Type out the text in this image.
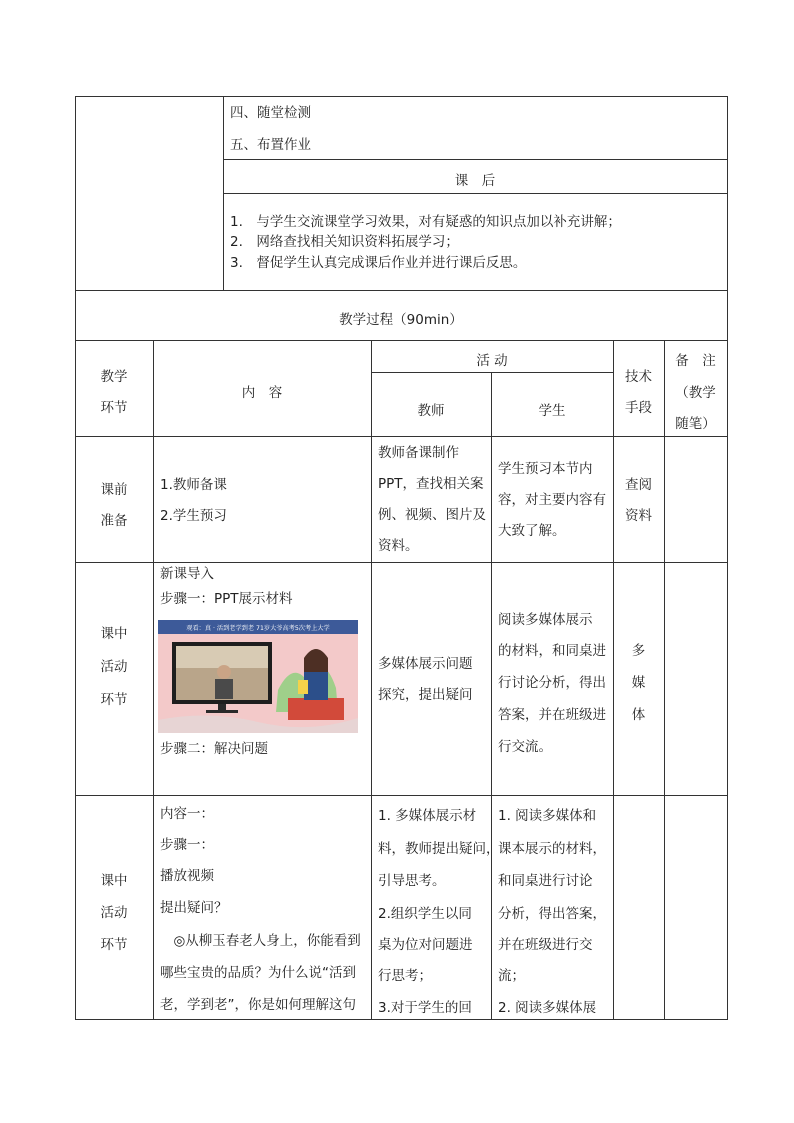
四、随堂检测
五、布置作业
课　后
1.　与学生交流课堂学习效果，对有疑惑的知识点加以补充讲解；
2.　网络查找相关知识资料拓展学习；
3.　督促学生认真完成课后作业并进行课后反思。
教学过程（90min）
教学
环节
内　容
活 动
教师	学生
技术
手段
备　注
（教学
随笔）
课前
准备
1.教师备课
2.学生预习
教师备课制作
PPT，查找相关案
例、视频、图片及
资料。
学生预习本节内
容，对主要内容有
大致了解。
查阅
资料
课中
活动
环节
新课导入
步骤一：PPT展示材料
观看：真 · 活到老学到老 71岁大爷高考5次考上大学
步骤二：解决问题
多媒体展示问题
探究，提出疑问
阅读多媒体展示
的材料，和同桌进
行讨论分析，得出
答案，并在班级进
行交流。
多
媒
体
课中
活动
环节
内容一：
步骤一：
播放视频
提出疑问？
　◎从柳玉春老人身上，你能看到
哪些宝贵的品质？为什么说“活到
老，学到老”，你是如何理解这句
1. 多媒体展示材
料，教师提出疑问，
引导思考。
2.组织学生以同
桌为位对问题进
行思考；
3.对于学生的回
1. 阅读多媒体和
课本展示的材料，
和同桌进行讨论
分析，得出答案，
并在班级进行交
流；
2. 阅读多媒体展
